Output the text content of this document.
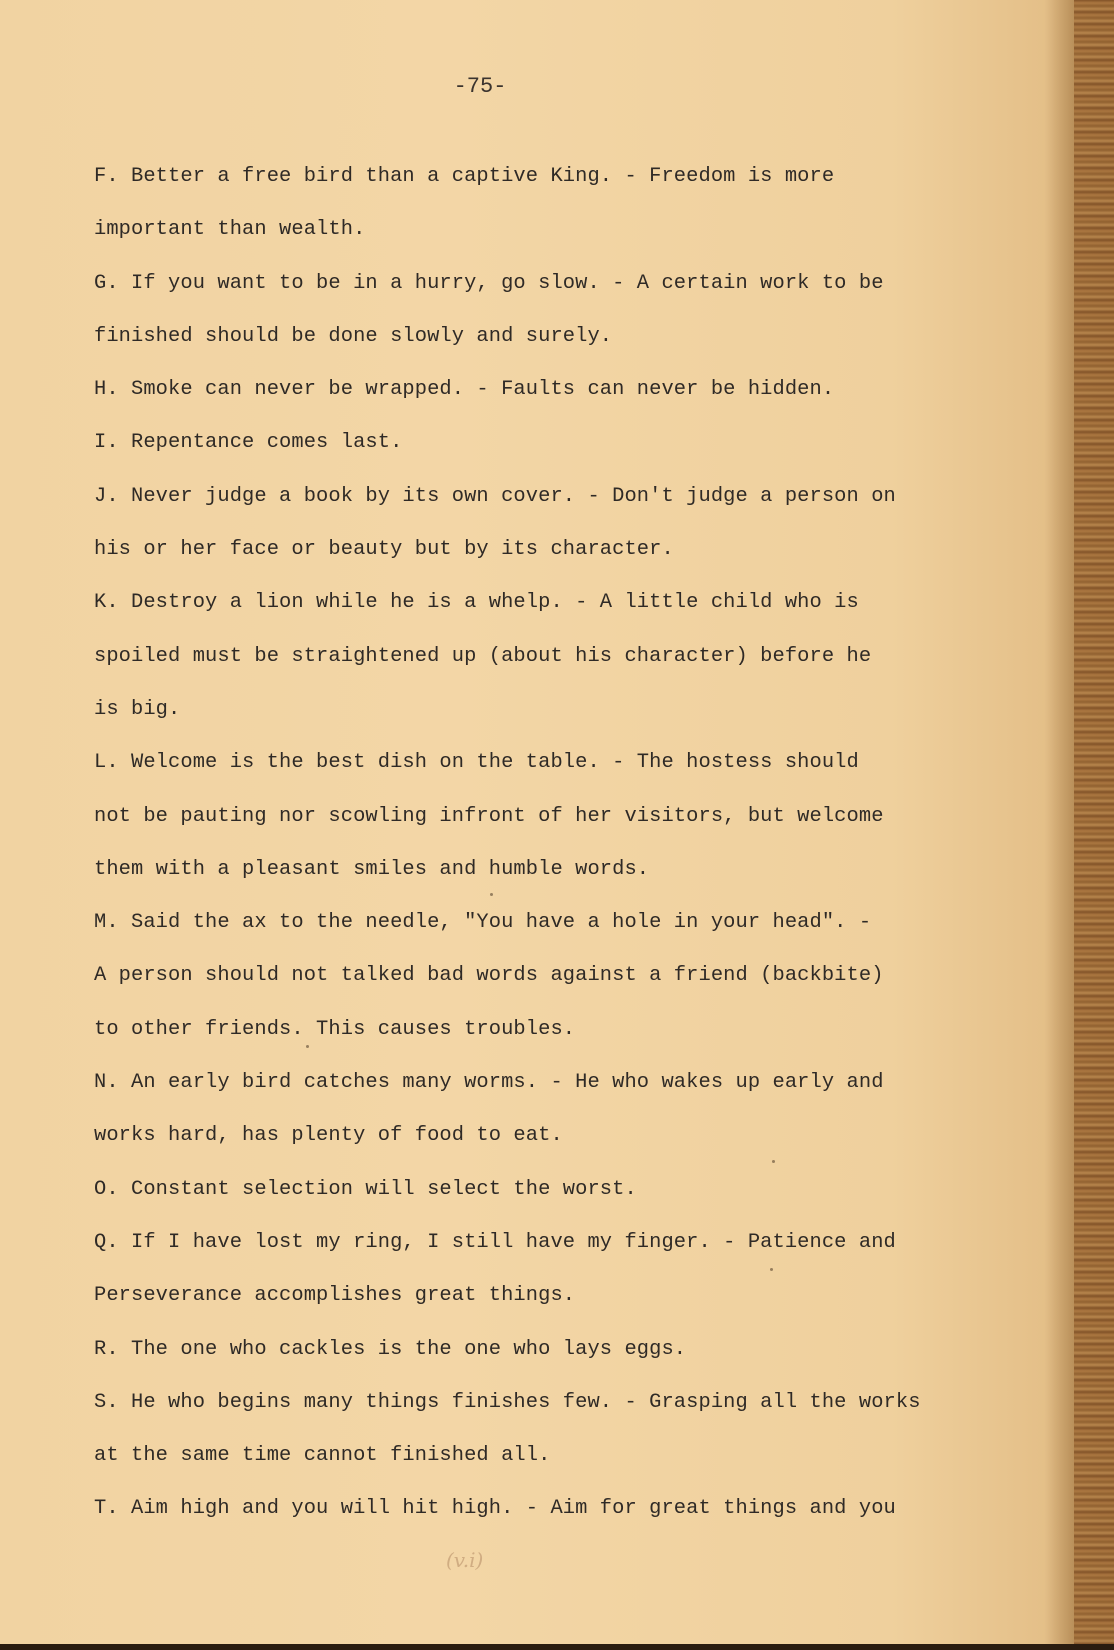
-75-
F. Better a free bird than a captive King. - Freedom is more
important than wealth.
G. If you want to be in a hurry, go slow. - A certain work to be
finished should be done slowly and surely.
H. Smoke can never be wrapped. - Faults can never be hidden.
I. Repentance comes last.
J. Never judge a book by its own cover. - Don't judge a person on
his or her face or beauty but by its character.
K. Destroy a lion while he is a whelp. - A little child who is
spoiled must be straightened up (about his character) before he
is big.
L. Welcome is the best dish on the table. - The hostess should
not be pauting nor scowling infront of her visitors, but welcome
them with a pleasant smiles and humble words.
M. Said the ax to the needle, "You have a hole in your head". -
A person should not talked bad words against a friend (backbite)
to other friends. This causes troubles.
N. An early bird catches many worms. - He who wakes up early and
works hard, has plenty of food to eat.
O. Constant selection will select the worst.
Q. If I have lost my ring, I still have my finger. - Patience and
Perseverance accomplishes great things.
R. The one who cackles is the one who lays eggs.
S. He who begins many things finishes few. - Grasping all the works
at the same time cannot finished all.
T. Aim high and you will hit high. - Aim for great things and you
(v.i)
